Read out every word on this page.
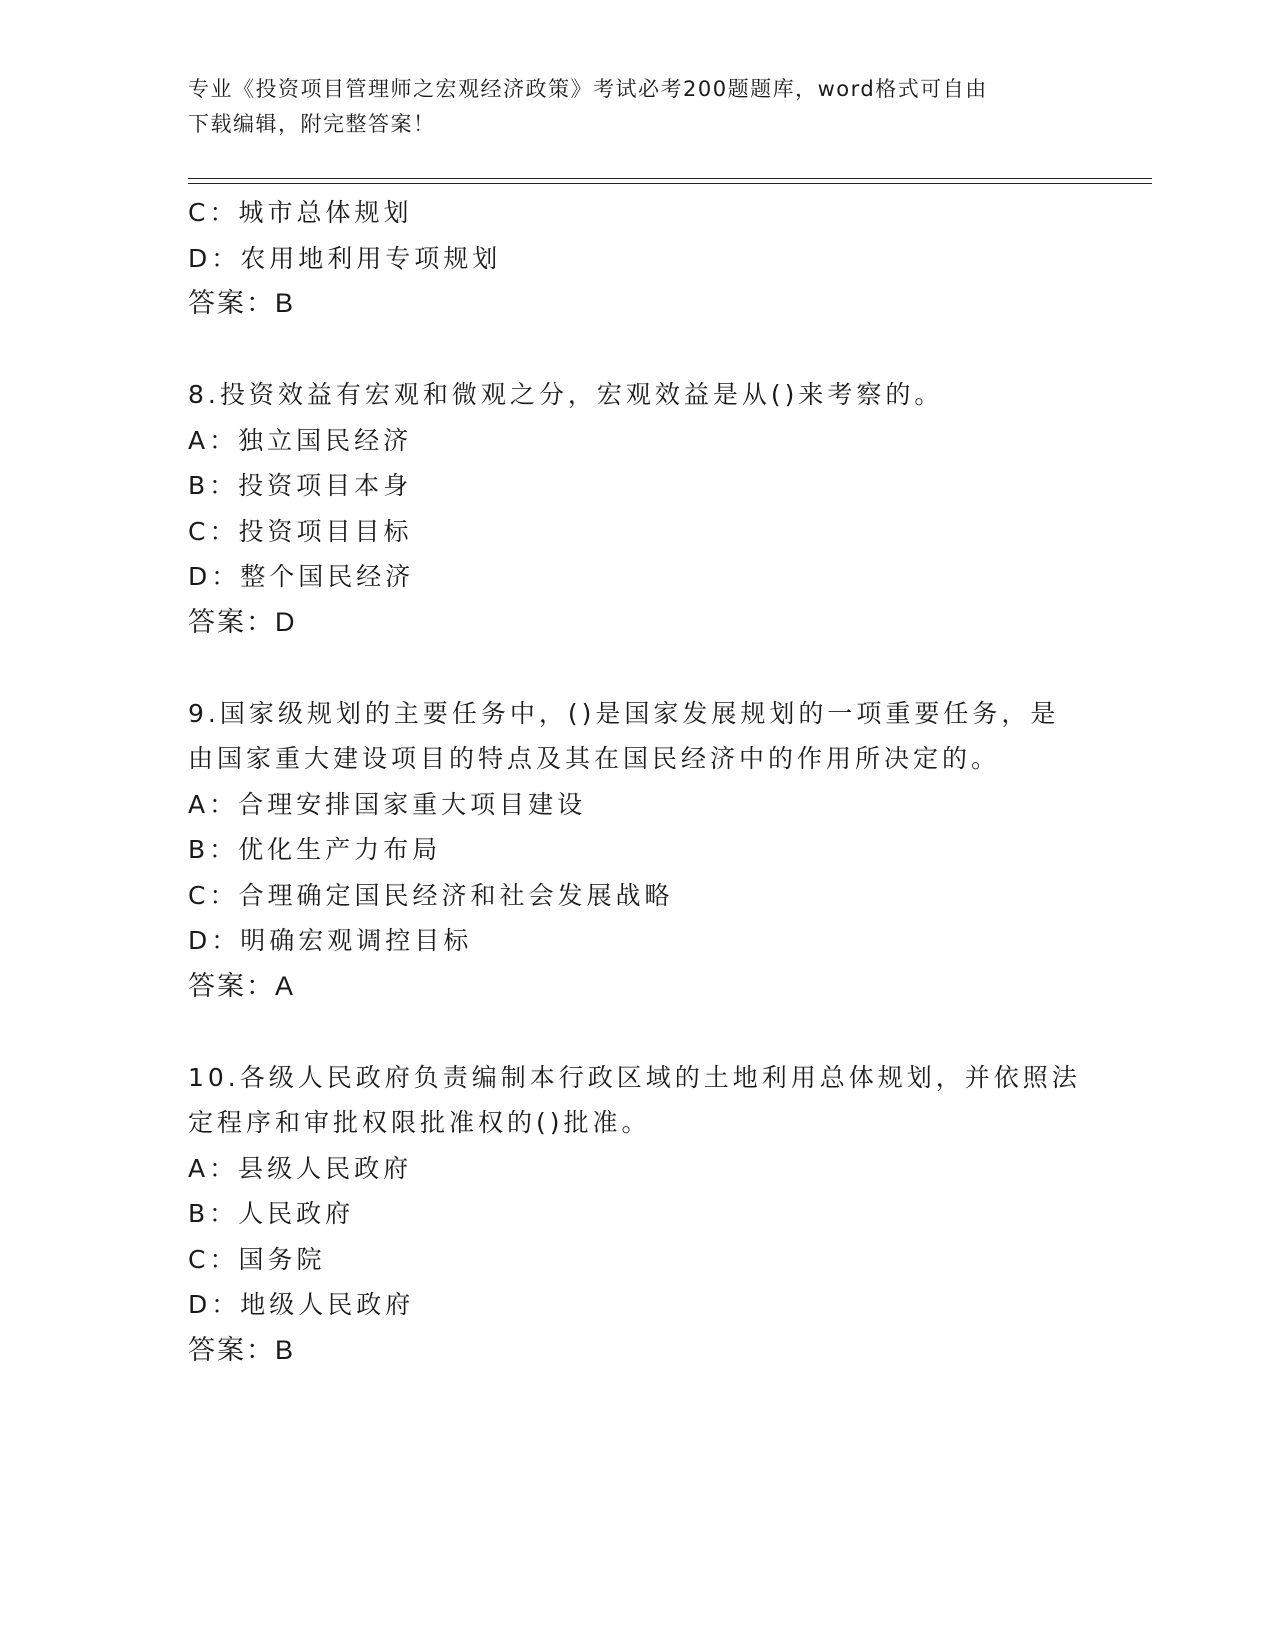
专业《投资项目管理师之宏观经济政策》考试必考200题题库，word格式可自由
下载编辑，附完整答案！
C：城市总体规划
D：农用地利用专项规划
答案：B
8.投资效益有宏观和微观之分，宏观效益是从()来考察的。
A：独立国民经济
B：投资项目本身
C：投资项目目标
D：整个国民经济
答案：D
9.国家级规划的主要任务中，()是国家发展规划的一项重要任务，是
由国家重大建设项目的特点及其在国民经济中的作用所决定的。
A：合理安排国家重大项目建设
B：优化生产力布局
C：合理确定国民经济和社会发展战略
D：明确宏观调控目标
答案：A
10.各级人民政府负责编制本行政区域的土地利用总体规划，并依照法
定程序和审批权限批准权的()批准。
A：县级人民政府
B：人民政府
C：国务院
D：地级人民政府
答案：B
